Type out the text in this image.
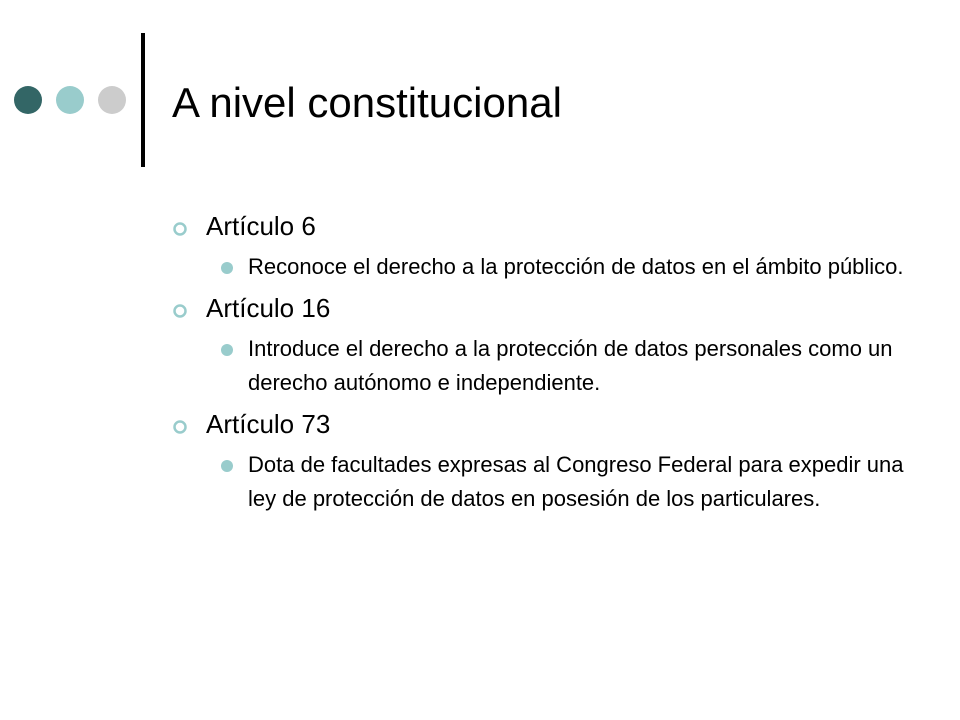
A nivel constitucional
Artículo 6
Reconoce el derecho a la protección de datos en el ámbito público.
Artículo 16
Introduce el derecho a la protección de datos personales como un derecho autónomo e independiente.
Artículo 73
Dota de facultades expresas al Congreso Federal para expedir una ley de protección de datos en posesión de los particulares.
